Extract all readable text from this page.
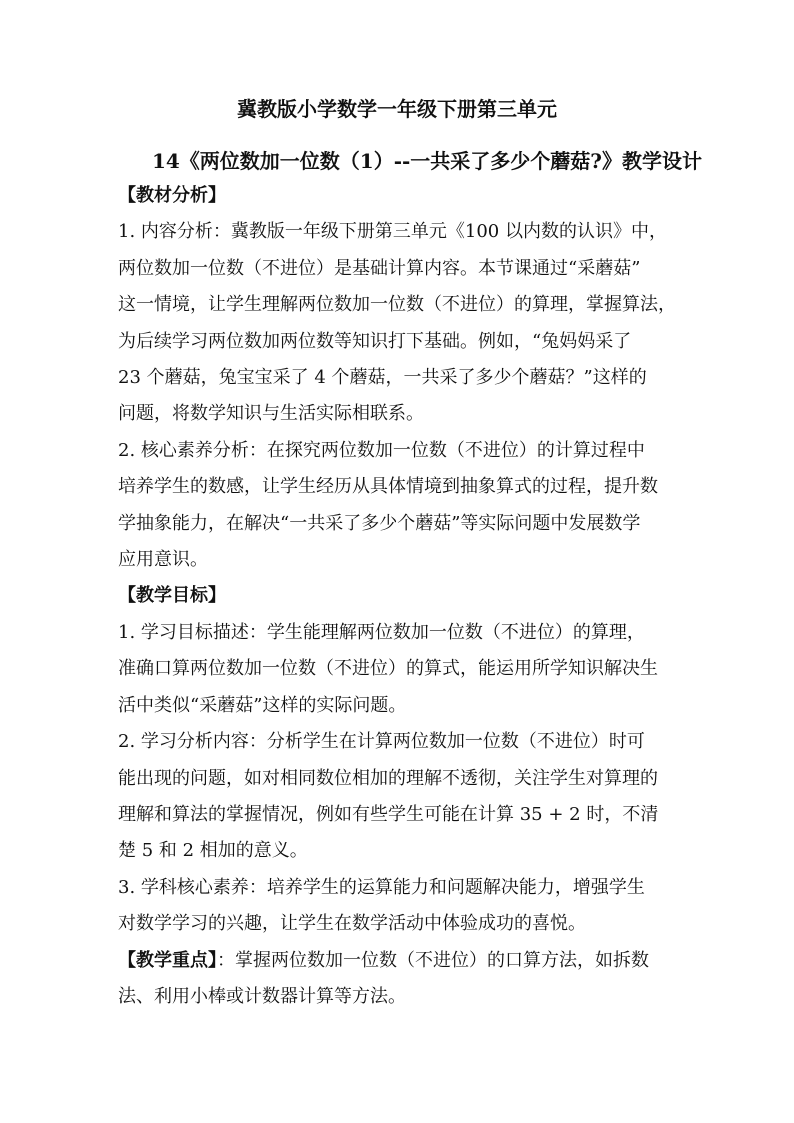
冀教版小学数学一年级下册第三单元
14《两位数加一位数（1）--一共采了多少个蘑菇?》教学设计
【教材分析】
1. 内容分析：冀教版一年级下册第三单元《100 以内数的认识》中，
两位数加一位数（不进位）是基础计算内容。本节课通过“采蘑菇”
这一情境，让学生理解两位数加一位数（不进位）的算理，掌握算法，
为后续学习两位数加两位数等知识打下基础。例如，“兔妈妈采了
23 个蘑菇，兔宝宝采了 4 个蘑菇，一共采了多少个蘑菇？”这样的
问题，将数学知识与生活实际相联系。
2. 核心素养分析：在探究两位数加一位数（不进位）的计算过程中
培养学生的数感，让学生经历从具体情境到抽象算式的过程，提升数
学抽象能力，在解决“一共采了多少个蘑菇”等实际问题中发展数学
应用意识。
【教学目标】
1. 学习目标描述：学生能理解两位数加一位数（不进位）的算理，
准确口算两位数加一位数（不进位）的算式，能运用所学知识解决生
活中类似“采蘑菇”这样的实际问题。
2. 学习分析内容：分析学生在计算两位数加一位数（不进位）时可
能出现的问题，如对相同数位相加的理解不透彻，关注学生对算理的
理解和算法的掌握情况，例如有些学生可能在计算 35 + 2 时，不清
楚 5 和 2 相加的意义。
3. 学科核心素养：培养学生的运算能力和问题解决能力，增强学生
对数学学习的兴趣，让学生在数学活动中体验成功的喜悦。
【教学重点】：掌握两位数加一位数（不进位）的口算方法，如拆数
法、利用小棒或计数器计算等方法。
